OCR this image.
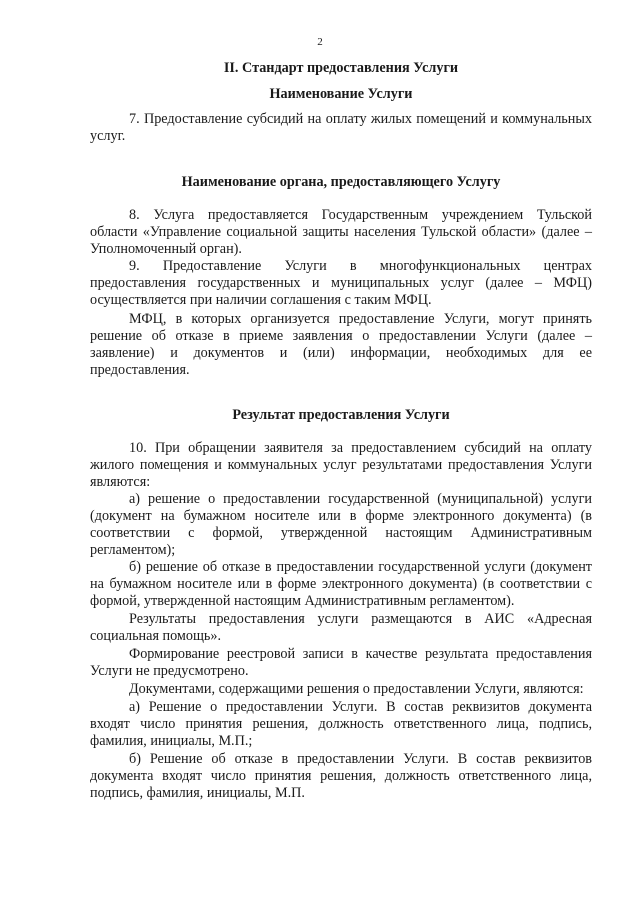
2

II. Стандарт предоставления Услуги

Наименование Услуги

7. Предоставление субсидий на оплату жилых помещений и коммунальных услуг.

Наименование органа, предоставляющего Услугу

8. Услуга предоставляется Государственным учреждением Тульской области «Управление социальной защиты населения Тульской области» (далее – Уполномоченный орган).

9. Предоставление Услуги в многофункциональных центрах предоставления государственных и муниципальных услуг (далее – МФЦ) осуществляется при наличии соглашения с таким МФЦ.

МФЦ, в которых организуется предоставление Услуги, могут принять решение об отказе в приеме заявления о предоставлении Услуги (далее – заявление) и документов и (или) информации, необходимых для ее предоставления.

Результат предоставления Услуги

10. При обращении заявителя за предоставлением субсидий на оплату жилого помещения и коммунальных услуг результатами предоставления Услуги являются:

а) решение о предоставлении государственной (муниципальной) услуги (документ на бумажном носителе или в форме электронного документа) (в соответствии с формой, утвержденной настоящим Административным регламентом);

б) решение об отказе в предоставлении государственной услуги (документ на бумажном носителе или в форме электронного документа) (в соответствии с формой, утвержденной настоящим Административным регламентом).

Результаты предоставления услуги размещаются в АИС «Адресная социальная помощь».

Формирование реестровой записи в качестве результата предоставления Услуги не предусмотрено.

Документами, содержащими решения о предоставлении Услуги, являются:

а) Решение о предоставлении Услуги. В состав реквизитов документа входят число принятия решения, должность ответственного лица, подпись, фамилия, инициалы, М.П.;

б) Решение об отказе в предоставлении Услуги. В состав реквизитов документа входят число принятия решения, должность ответственного лица, подпись, фамилия, инициалы, М.П.
